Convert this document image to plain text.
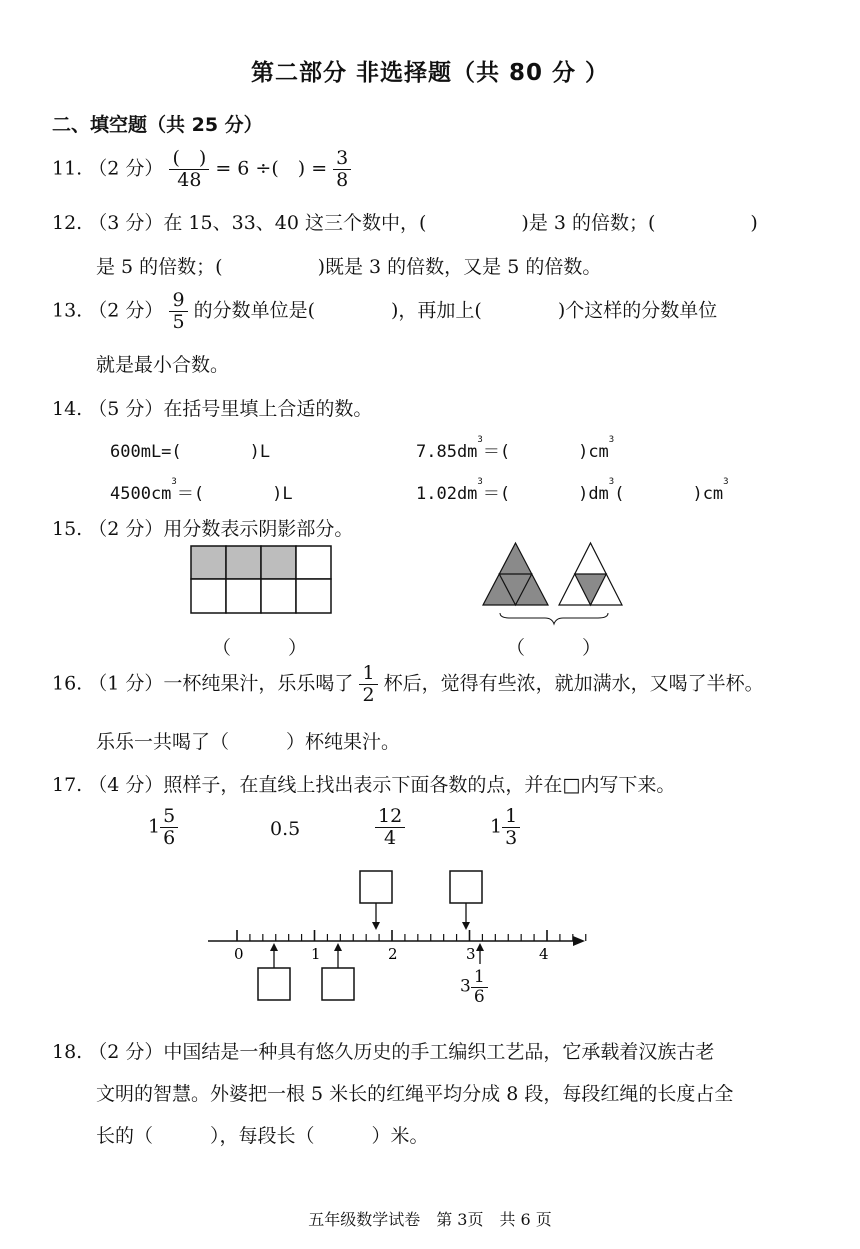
第二部分 非选择题（共 80 分 ）
二、填空题（共 25 分）
11. （2 分） $\frac{( )}{48} = 6$ ÷(　) = $\frac{3}{8}$
12. （3 分）在 15、33、40 这三个数中，(　　　　　)是 3 的倍数；(　　　　　)
是 5 的倍数；(　　　　　)既是 3 的倍数，又是 5 的倍数。
13. （2 分） $\frac{9}{5}$ 的分数单位是(　　　　)，再加上(　　　　)个这样的分数单位
就是最小合数。
14. （5 分）在括号里填上合适的数。
600mL=(　　　　)L	$7.85dm^3=$(　　　　)$cm^3$
$4500cm^3=$(　　　　)L	$1.02dm^3=$(　　　　)$dm^3$(　　　　)$cm^3$
15. （2 分）用分数表示阴影部分。
（　　　）	（　　　）
16. （1 分）一杯纯果汁，乐乐喝了 $\frac{1}{2}$ 杯后，觉得有些浓，就加满水，又喝了半杯。
乐乐一共喝了（　　　）杯纯果汁。
17. （4 分）照样子，在直线上找出表示下面各数的点，并在□内写下来。
$1 \frac{5}{6}$	0.5	$\frac{12}{4}$	$1 \frac{1}{3}$
0	1	2	3	4
$3 \frac{1}{6}$
18. （2 分）中国结是一种具有悠久历史的手工编织工艺品，它承载着汉族古老
文明的智慧。外婆把一根 5 米长的红绳平均分成 8 段，每段红绳的长度占全
长的（　　　），每段长（　　　）米。
五年级数学试卷　第 3页　共 6 页
